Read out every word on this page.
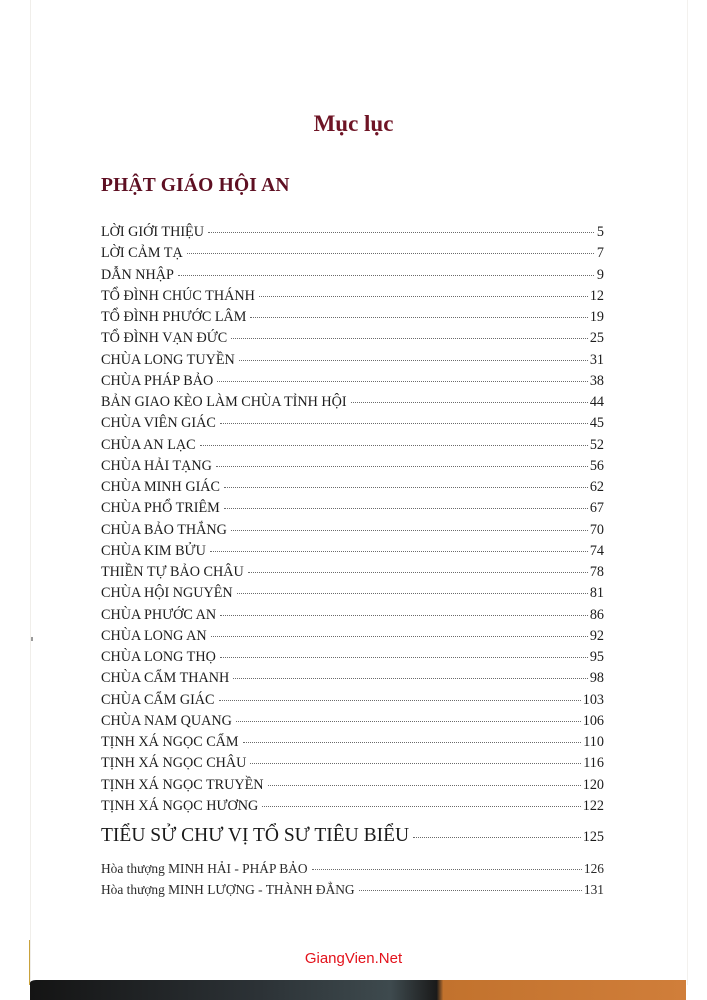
Mục lục
PHẬT GIÁO HỘI AN
LỜI GIỚI THIỆU	5
LỜI CẢM TẠ	7
DẪN NHẬP	9
TỔ ĐÌNH CHÚC THÁNH	12
TỔ ĐÌNH PHƯỚC LÂM	19
TỔ ĐÌNH VẠN ĐỨC	25
CHÙA LONG TUYỀN	31
CHÙA PHÁP BẢO	38
BẢN GIAO KÈO LÀM CHÙA TỈNH HỘI	44
CHÙA VIÊN GIÁC	45
CHÙA AN LẠC	52
CHÙA HẢI TẠNG	56
CHÙA MINH GIÁC	62
CHÙA PHỔ TRIÊM	67
CHÙA BẢO THẮNG	70
CHÙA KIM BỬU	74
THIỀN TỰ BẢO CHÂU	78
CHÙA HỘI NGUYÊN	81
CHÙA PHƯỚC AN	86
CHÙA LONG AN	92
CHÙA LONG THỌ	95
CHÙA CẨM THANH	98
CHÙA CẨM GIÁC	103
CHÙA NAM QUANG	106
TỊNH XÁ NGỌC CẨM	110
TỊNH XÁ NGỌC CHÂU	116
TỊNH XÁ NGỌC TRUYỀN	120
TỊNH XÁ NGỌC HƯƠNG	122
TIỂU SỬ CHƯ VỊ TỔ SƯ TIÊU BIỂU	125
Hòa thượng MINH HẢI - PHÁP BẢO	126
Hòa thượng MINH LƯỢNG - THÀNH ĐẲNG	131
GiangVien.Net
